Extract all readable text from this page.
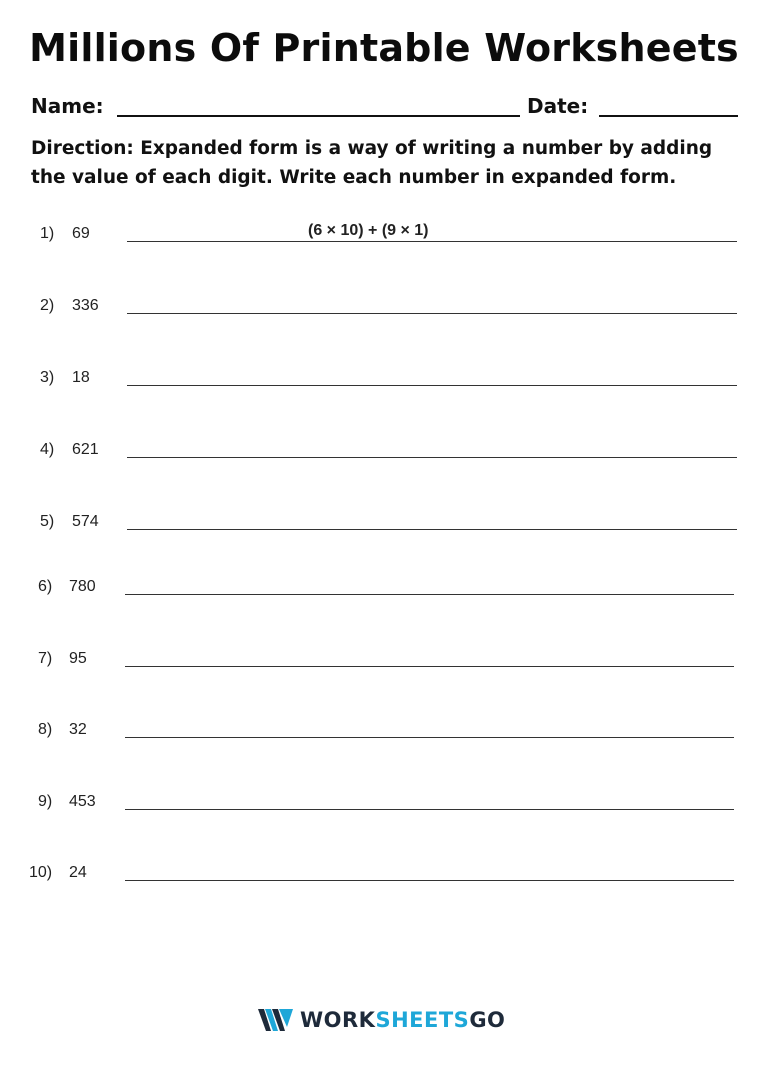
Millions Of Printable Worksheets
Name:	Date:
Direction: Expanded form is a way of writing a number by adding the value of each digit. Write each number in expanded form.
1) 69	(6 × 10) + (9 × 1)
2) 336
3) 18
4) 621
5) 574
6) 780
7) 95
8) 32
9) 453
10) 24
WORKSHEETSGO
